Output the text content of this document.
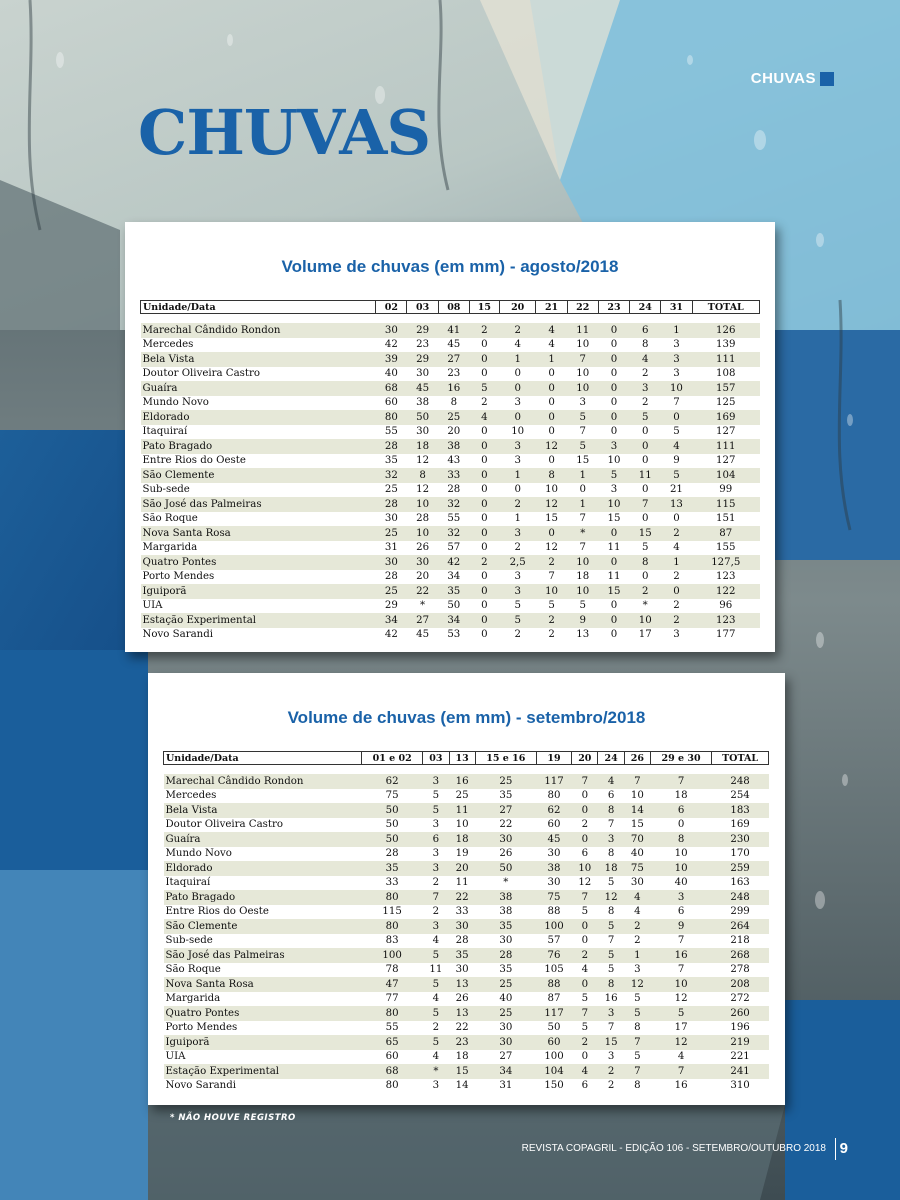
CHUVAS
CHUVAS
Volume de chuvas (em mm) - agosto/2018
Unidade/Data	02	03	08	15	20	21	22	23	24	31	TOTAL

Marechal Cândido Rondon	30	29	41	2	2	4	11	0	6	1	126
Mercedes	42	23	45	0	4	4	10	0	8	3	139
Bela Vista	39	29	27	0	1	1	7	0	4	3	111
Doutor Oliveira Castro	40	30	23	0	0	0	10	0	2	3	108
Guaíra	68	45	16	5	0	0	10	0	3	10	157
Mundo Novo	60	38	8	2	3	0	3	0	2	7	125
Eldorado	80	50	25	4	0	0	5	0	5	0	169
Itaquiraí	55	30	20	0	10	0	7	0	0	5	127
Pato Bragado	28	18	38	0	3	12	5	3	0	4	111
Entre Rios do Oeste	35	12	43	0	3	0	15	10	0	9	127
São Clemente	32	8	33	0	1	8	1	5	11	5	104
Sub-sede	25	12	28	0	0	10	0	3	0	21	99
São José das Palmeiras	28	10	32	0	2	12	1	10	7	13	115
São Roque	30	28	55	0	1	15	7	15	0	0	151
Nova Santa Rosa	25	10	32	0	3	0	*	0	15	2	87
Margarida	31	26	57	0	2	12	7	11	5	4	155
Quatro Pontes	30	30	42	2	2,5	2	10	0	8	1	127,5
Porto Mendes	28	20	34	0	3	7	18	11	0	2	123
Iguiporã	25	22	35	0	3	10	10	15	2	0	122
UIA	29	*	50	0	5	5	5	0	*	2	96
Estação Experimental	34	27	34	0	5	2	9	0	10	2	123
Novo Sarandi	42	45	53	0	2	2	13	0	17	3	177
Volume de chuvas (em mm) - setembro/2018
Unidade/Data	01 e 02	03	13	15 e 16	19	20	24	26	29 e 30	TOTAL

Marechal Cândido Rondon	62	3	16	25	117	7	4	7	7	248
Mercedes	75	5	25	35	80	0	6	10	18	254
Bela Vista	50	5	11	27	62	0	8	14	6	183
Doutor Oliveira Castro	50	3	10	22	60	2	7	15	0	169
Guaíra	50	6	18	30	45	0	3	70	8	230
Mundo Novo	28	3	19	26	30	6	8	40	10	170
Eldorado	35	3	20	50	38	10	18	75	10	259
Itaquiraí	33	2	11	*	30	12	5	30	40	163
Pato Bragado	80	7	22	38	75	7	12	4	3	248
Entre Rios do Oeste	115	2	33	38	88	5	8	4	6	299
São Clemente	80	3	30	35	100	0	5	2	9	264
Sub-sede	83	4	28	30	57	0	7	2	7	218
São José das Palmeiras	100	5	35	28	76	2	5	1	16	268
São Roque	78	11	30	35	105	4	5	3	7	278
Nova Santa Rosa	47	5	13	25	88	0	8	12	10	208
Margarida	77	4	26	40	87	5	16	5	12	272
Quatro Pontes	80	5	13	25	117	7	3	5	5	260
Porto Mendes	55	2	22	30	50	5	7	8	17	196
Iguiporã	65	5	23	30	60	2	15	7	12	219
UIA	60	4	18	27	100	0	3	5	4	221
Estação Experimental	68	*	15	34	104	4	2	7	7	241
Novo Sarandi	80	3	14	31	150	6	2	8	16	310
* NÃO HOUVE REGISTRO
REVISTA COPAGRIL - EDIÇÃO 106 - SETEMBRO/OUTUBRO 2018 9
